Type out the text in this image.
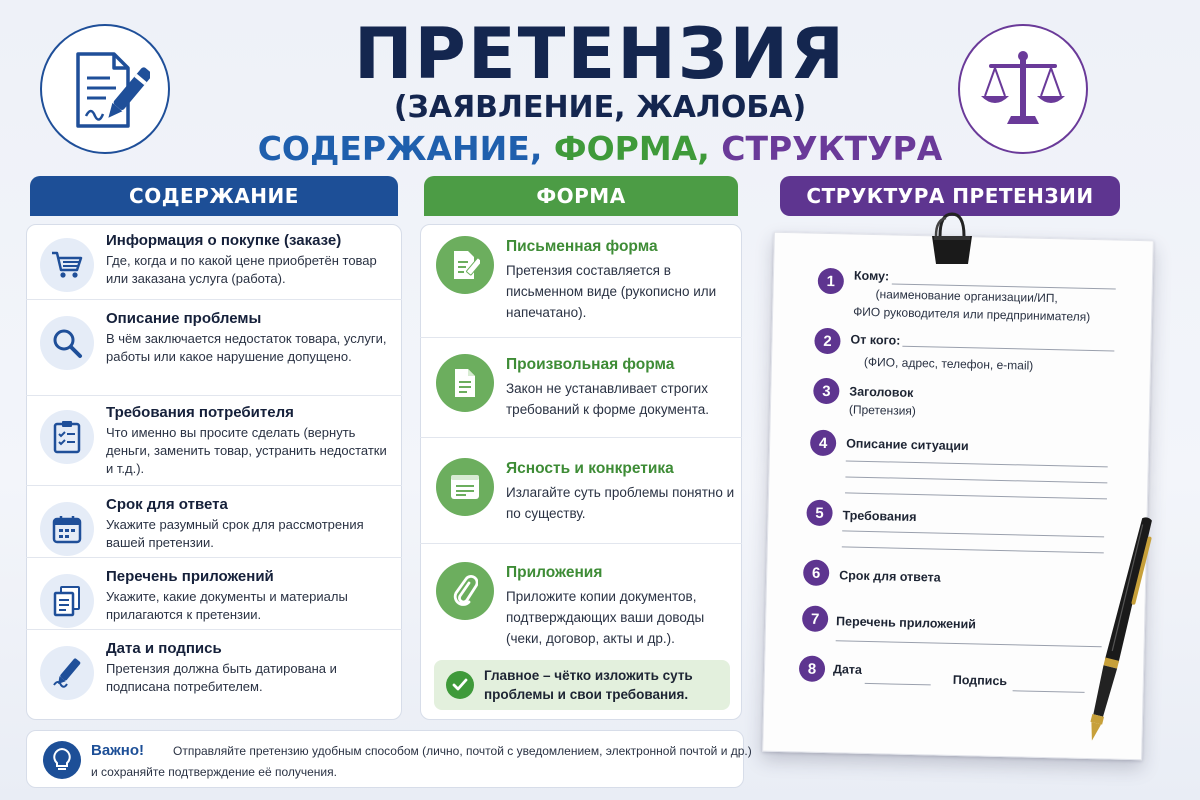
ПРЕТЕНЗИЯ
(ЗАЯВЛЕНИЕ, ЖАЛОБА)
СОДЕРЖАНИЕ, ФОРМА, СТРУКТУРА
СОДЕРЖАНИЕ
Информация о покупке (заказе)
Где, когда и по какой цене приобретён товар или заказана услуга (работа).
Описание проблемы
В чём заключается недостаток товара, услуги, работы или какое нарушение допущено.
Требования потребителя
Что именно вы просите сделать (вернуть деньги, заменить товар, устранить недостатки и т.д.).
Срок для ответа
Укажите разумный срок для рассмотрения вашей претензии.
Перечень приложений
Укажите, какие документы и материалы прилагаются к претензии.
Дата и подпись
Претензия должна быть датирована и подписана потребителем.
ФОРМА
Письменная форма
Претензия составляется в письменном виде (рукописно или напечатано).
Произвольная форма
Закон не устанавливает строгих требований к форме документа.
Ясность и конкретика
Излагайте суть проблемы понятно и по существу.
Приложения
Приложите копии документов, подтверждающих ваши доводы (чеки, договор, акты и др.).
Главное – чётко изложить суть проблемы и свои требования.
Важно! Отправляйте претензию удобным способом (лично, почтой с уведомлением, электронной почтой и др.)
и сохраняйте подтверждение её получения.
СТРУКТУРА ПРЕТЕНЗИИ
1	Кому:
(наименование организации/ИП,
ФИО руководителя или предпринимателя)
2	От кого:
(ФИО, адрес, телефон, e-mail)
3	Заголовок
(Претензия)
4	Описание ситуации
5	Требования
6	Срок для ответа
7	Перечень приложений
8	Дата
Подпись
